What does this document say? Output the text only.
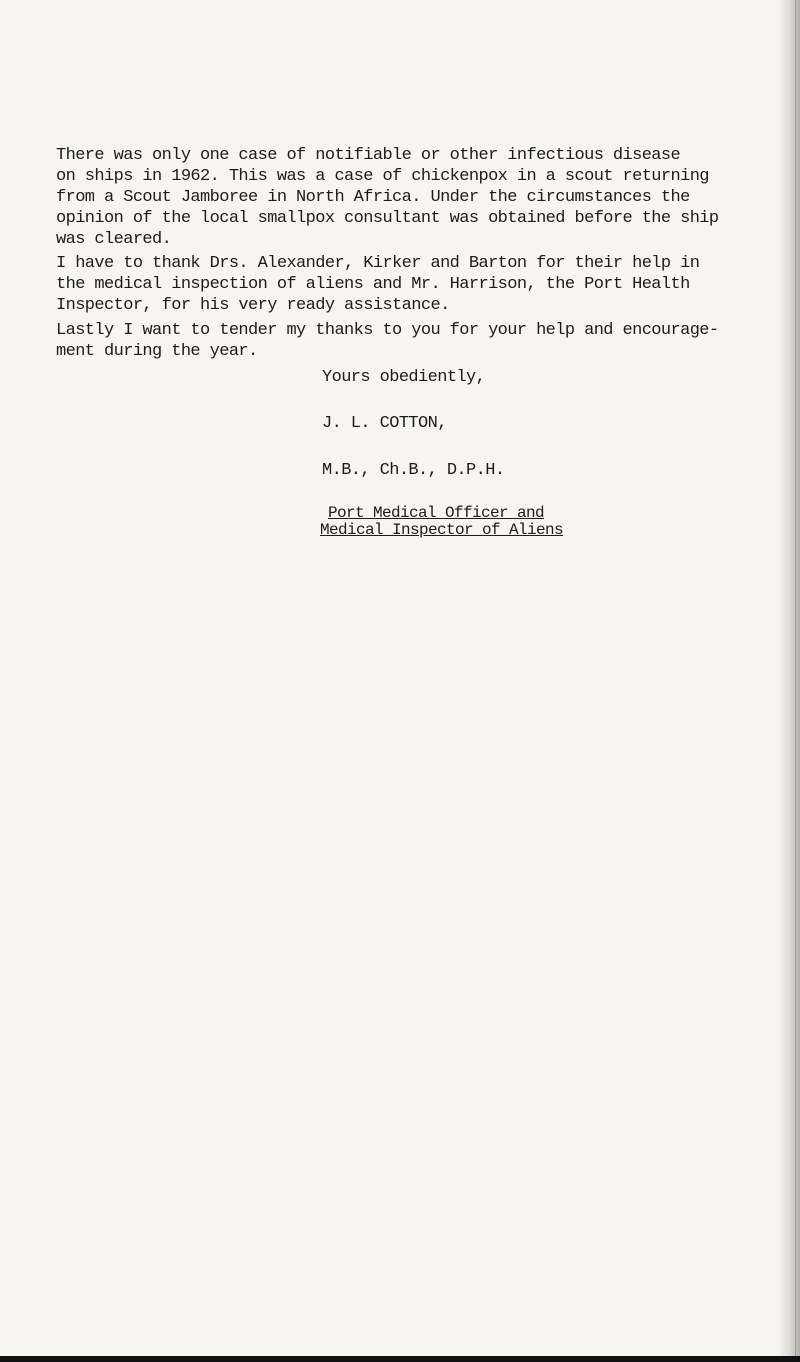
There was only one case of notifiable or other infectious disease
on ships in 1962. This was a case of chickenpox in a scout returning
from a Scout Jamboree in North Africa. Under the circumstances the
opinion of the local smallpox consultant was obtained before the ship
was cleared.

I have to thank Drs. Alexander, Kirker and Barton for their help in
the medical inspection of aliens and Mr. Harrison, the Port Health
Inspector, for his very ready assistance.

Lastly I want to tender my thanks to you for your help and encourage-
ment during the year.

Yours obediently,

J. L. COTTON,

M.B., Ch.B., D.P.H.

Port Medical Officer and
Medical Inspector of Aliens
